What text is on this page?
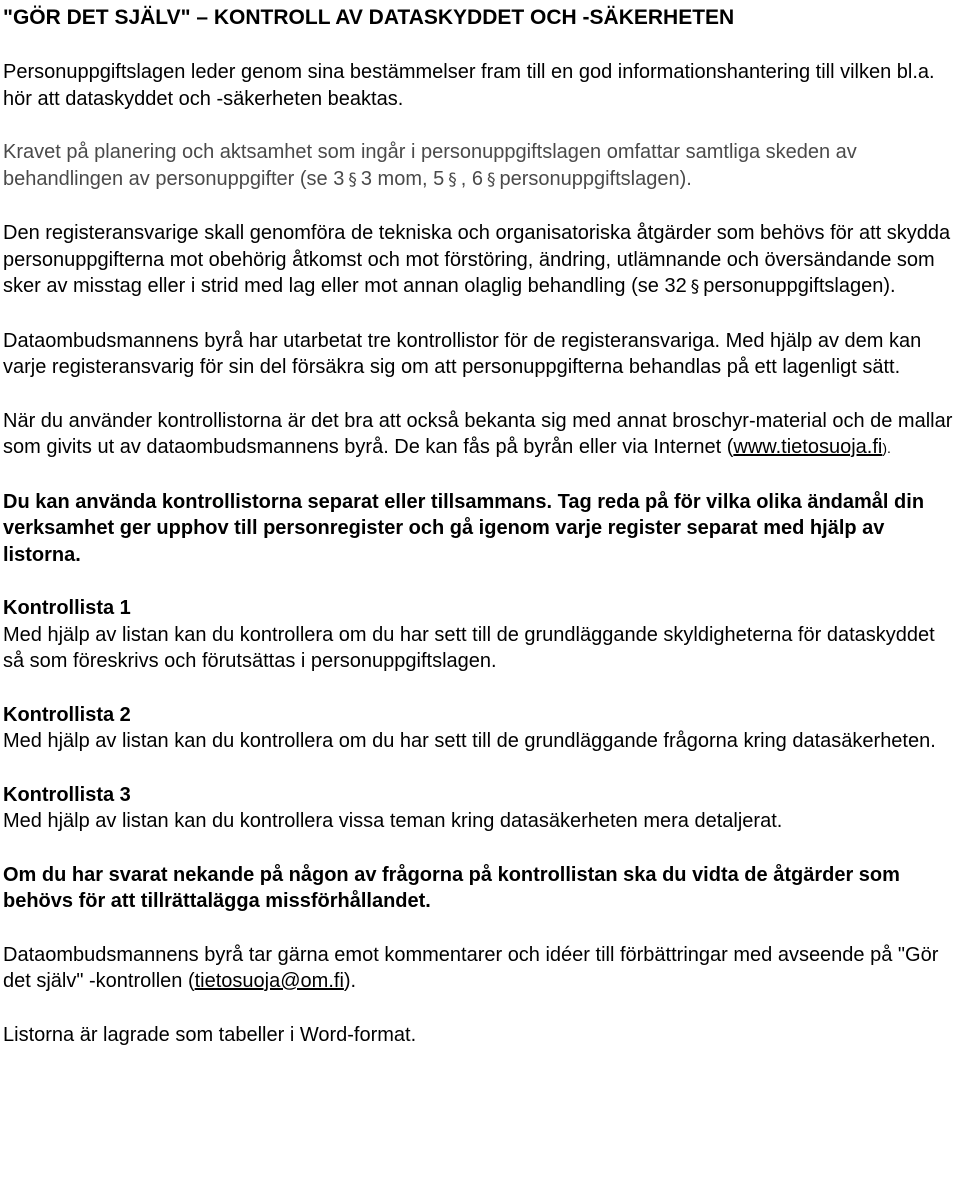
"GÖR DET SJÄLV" – KONTROLL AV DATASKYDDET OCH -SÄKERHETEN

Personuppgiftslagen leder genom sina bestämmelser fram till en god informationshantering till vilken bl.a. hör att dataskyddet och -säkerheten beaktas.

Kravet på planering och aktsamhet som ingår i personuppgiftslagen omfattar samtliga skeden av behandlingen av personuppgifter (se 3 § 3 mom, 5 § , 6 § personuppgiftslagen).

Den registeransvarige skall genomföra de tekniska och organisatoriska åtgärder som behövs för att skydda personuppgifterna mot obehörig åtkomst och mot förstöring, ändring, utlämnande och översändande som sker av misstag eller i strid med lag eller mot annan olaglig behandling (se 32 § personuppgiftslagen).

Dataombudsmannens byrå har utarbetat tre kontrollistor för de registeransvariga. Med hjälp av dem kan varje registeransvarig för sin del försäkra sig om att personuppgifterna behandlas på ett lagenligt sätt.

När du använder kontrollistorna är det bra att också bekanta sig med annat broschyr-material och de mallar som givits ut av dataombudsmannens byrå. De kan fås på byrån eller via Internet (www.tietosuoja.fi).

Du kan använda kontrollistorna separat eller tillsammans. Tag reda på för vilka olika ändamål din verksamhet ger upphov till personregister och gå igenom varje register separat med hjälp av listorna.

Kontrollista 1
Med hjälp av listan kan du kontrollera om du har sett till de grundläggande skyldigheterna för dataskyddet så som föreskrivs och förutsättas i personuppgiftslagen.

Kontrollista 2
Med hjälp av listan kan du kontrollera om du har sett till de grundläggande frågorna kring datasäkerheten.

Kontrollista 3
Med hjälp av listan kan du kontrollera vissa teman kring datasäkerheten mera detaljerat.

Om du har svarat nekande på någon av frågorna på kontrollistan ska du vidta de åtgärder som behövs för att tillrättalägga missförhållandet.

Dataombudsmannens byrå tar gärna emot kommentarer och idéer till förbättringar med avseende på "Gör det själv" -kontrollen (tietosuoja@om.fi).

Listorna är lagrade som tabeller i Word-format.
